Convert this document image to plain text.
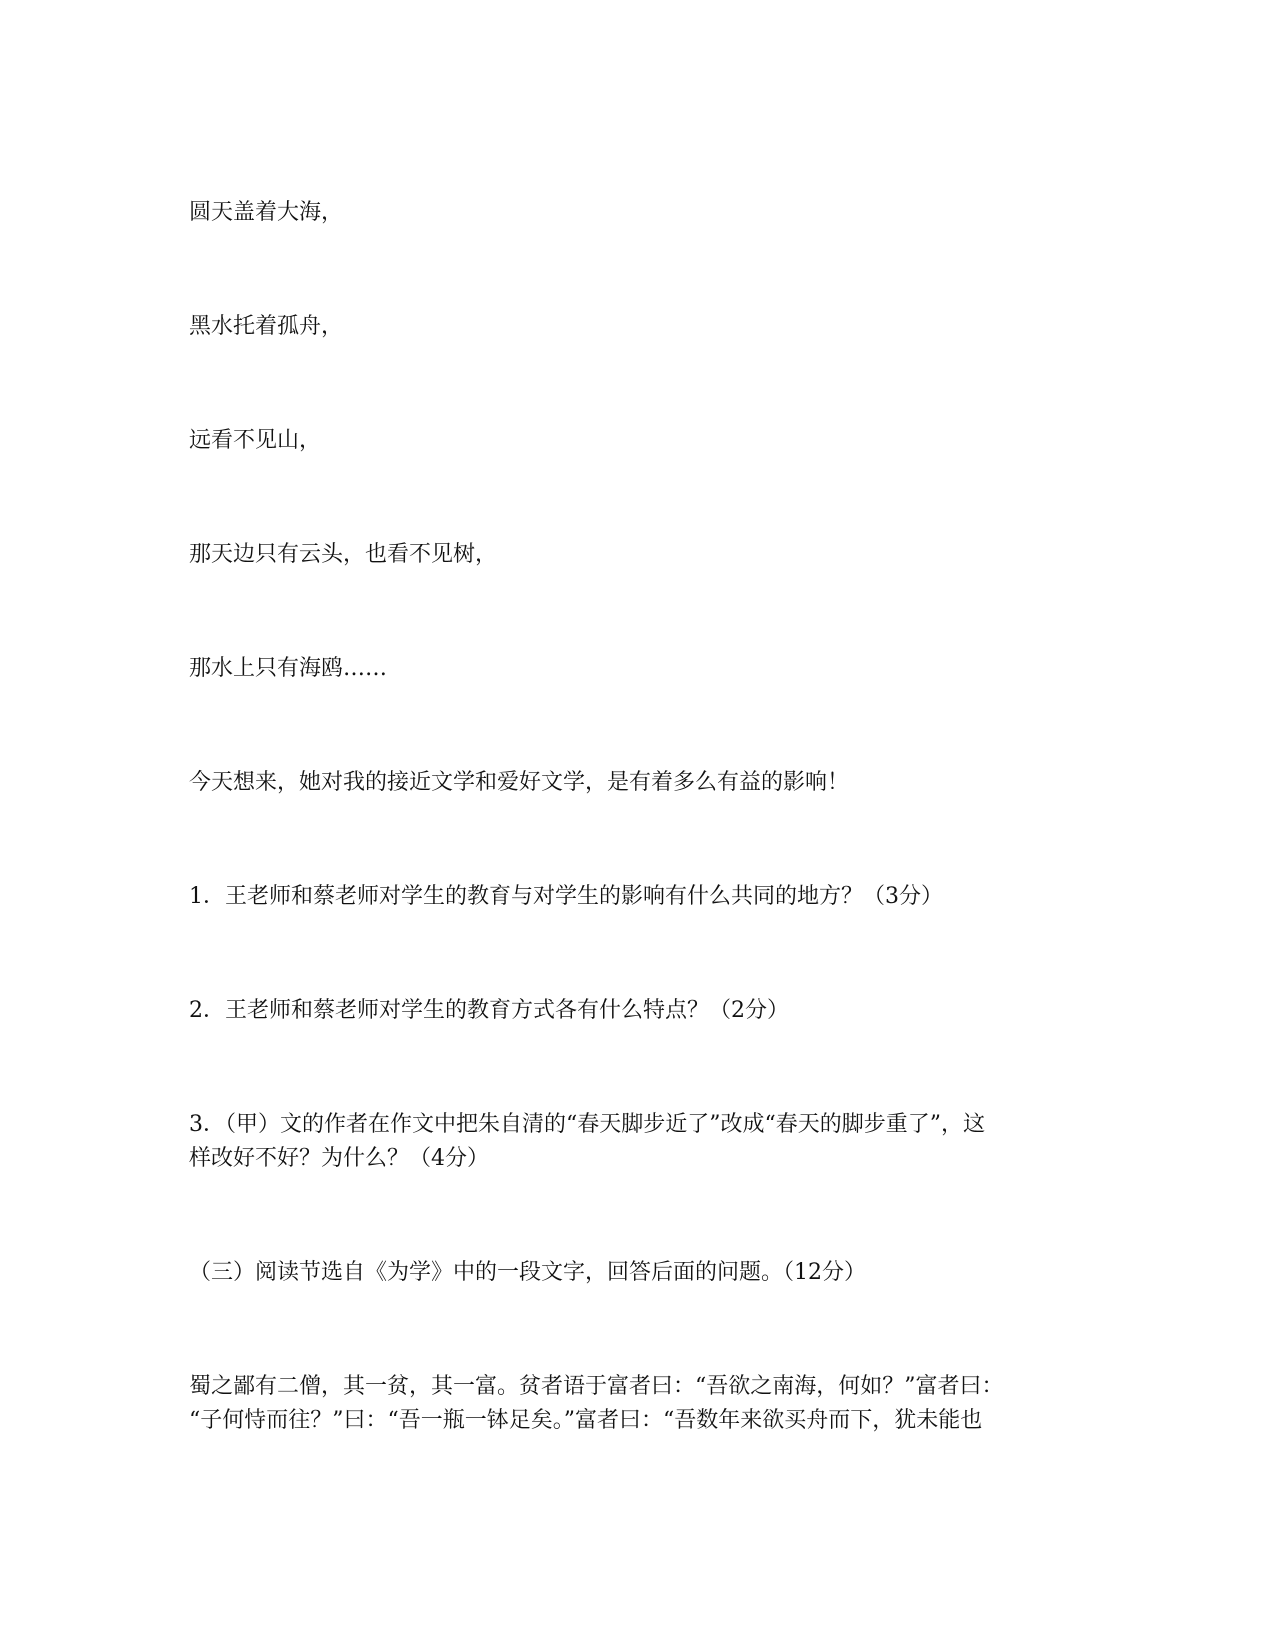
圆天盖着大海，

黑水托着孤舟，

远看不见山，

那天边只有云头，也看不见树，

那水上只有海鸥……

今天想来，她对我的接近文学和爱好文学，是有着多么有益的影响！

1．王老师和蔡老师对学生的教育与对学生的影响有什么共同的地方？（3分）

2．王老师和蔡老师对学生的教育方式各有什么特点？（2分）

3．（甲）文的作者在作文中把朱自清的“春天脚步近了”改成“春天的脚步重了”，这
样改好不好？为什么？（4分）

（三）阅读节选自《为学》中的一段文字，回答后面的问题。（12分）

蜀之鄙有二僧，其一贫，其一富。贫者语于富者曰：“吾欲之南海，何如？”富者曰：
“子何恃而往？”曰：“吾一瓶一钵足矣。”富者曰：“吾数年来欲买舟而下，犹未能也
